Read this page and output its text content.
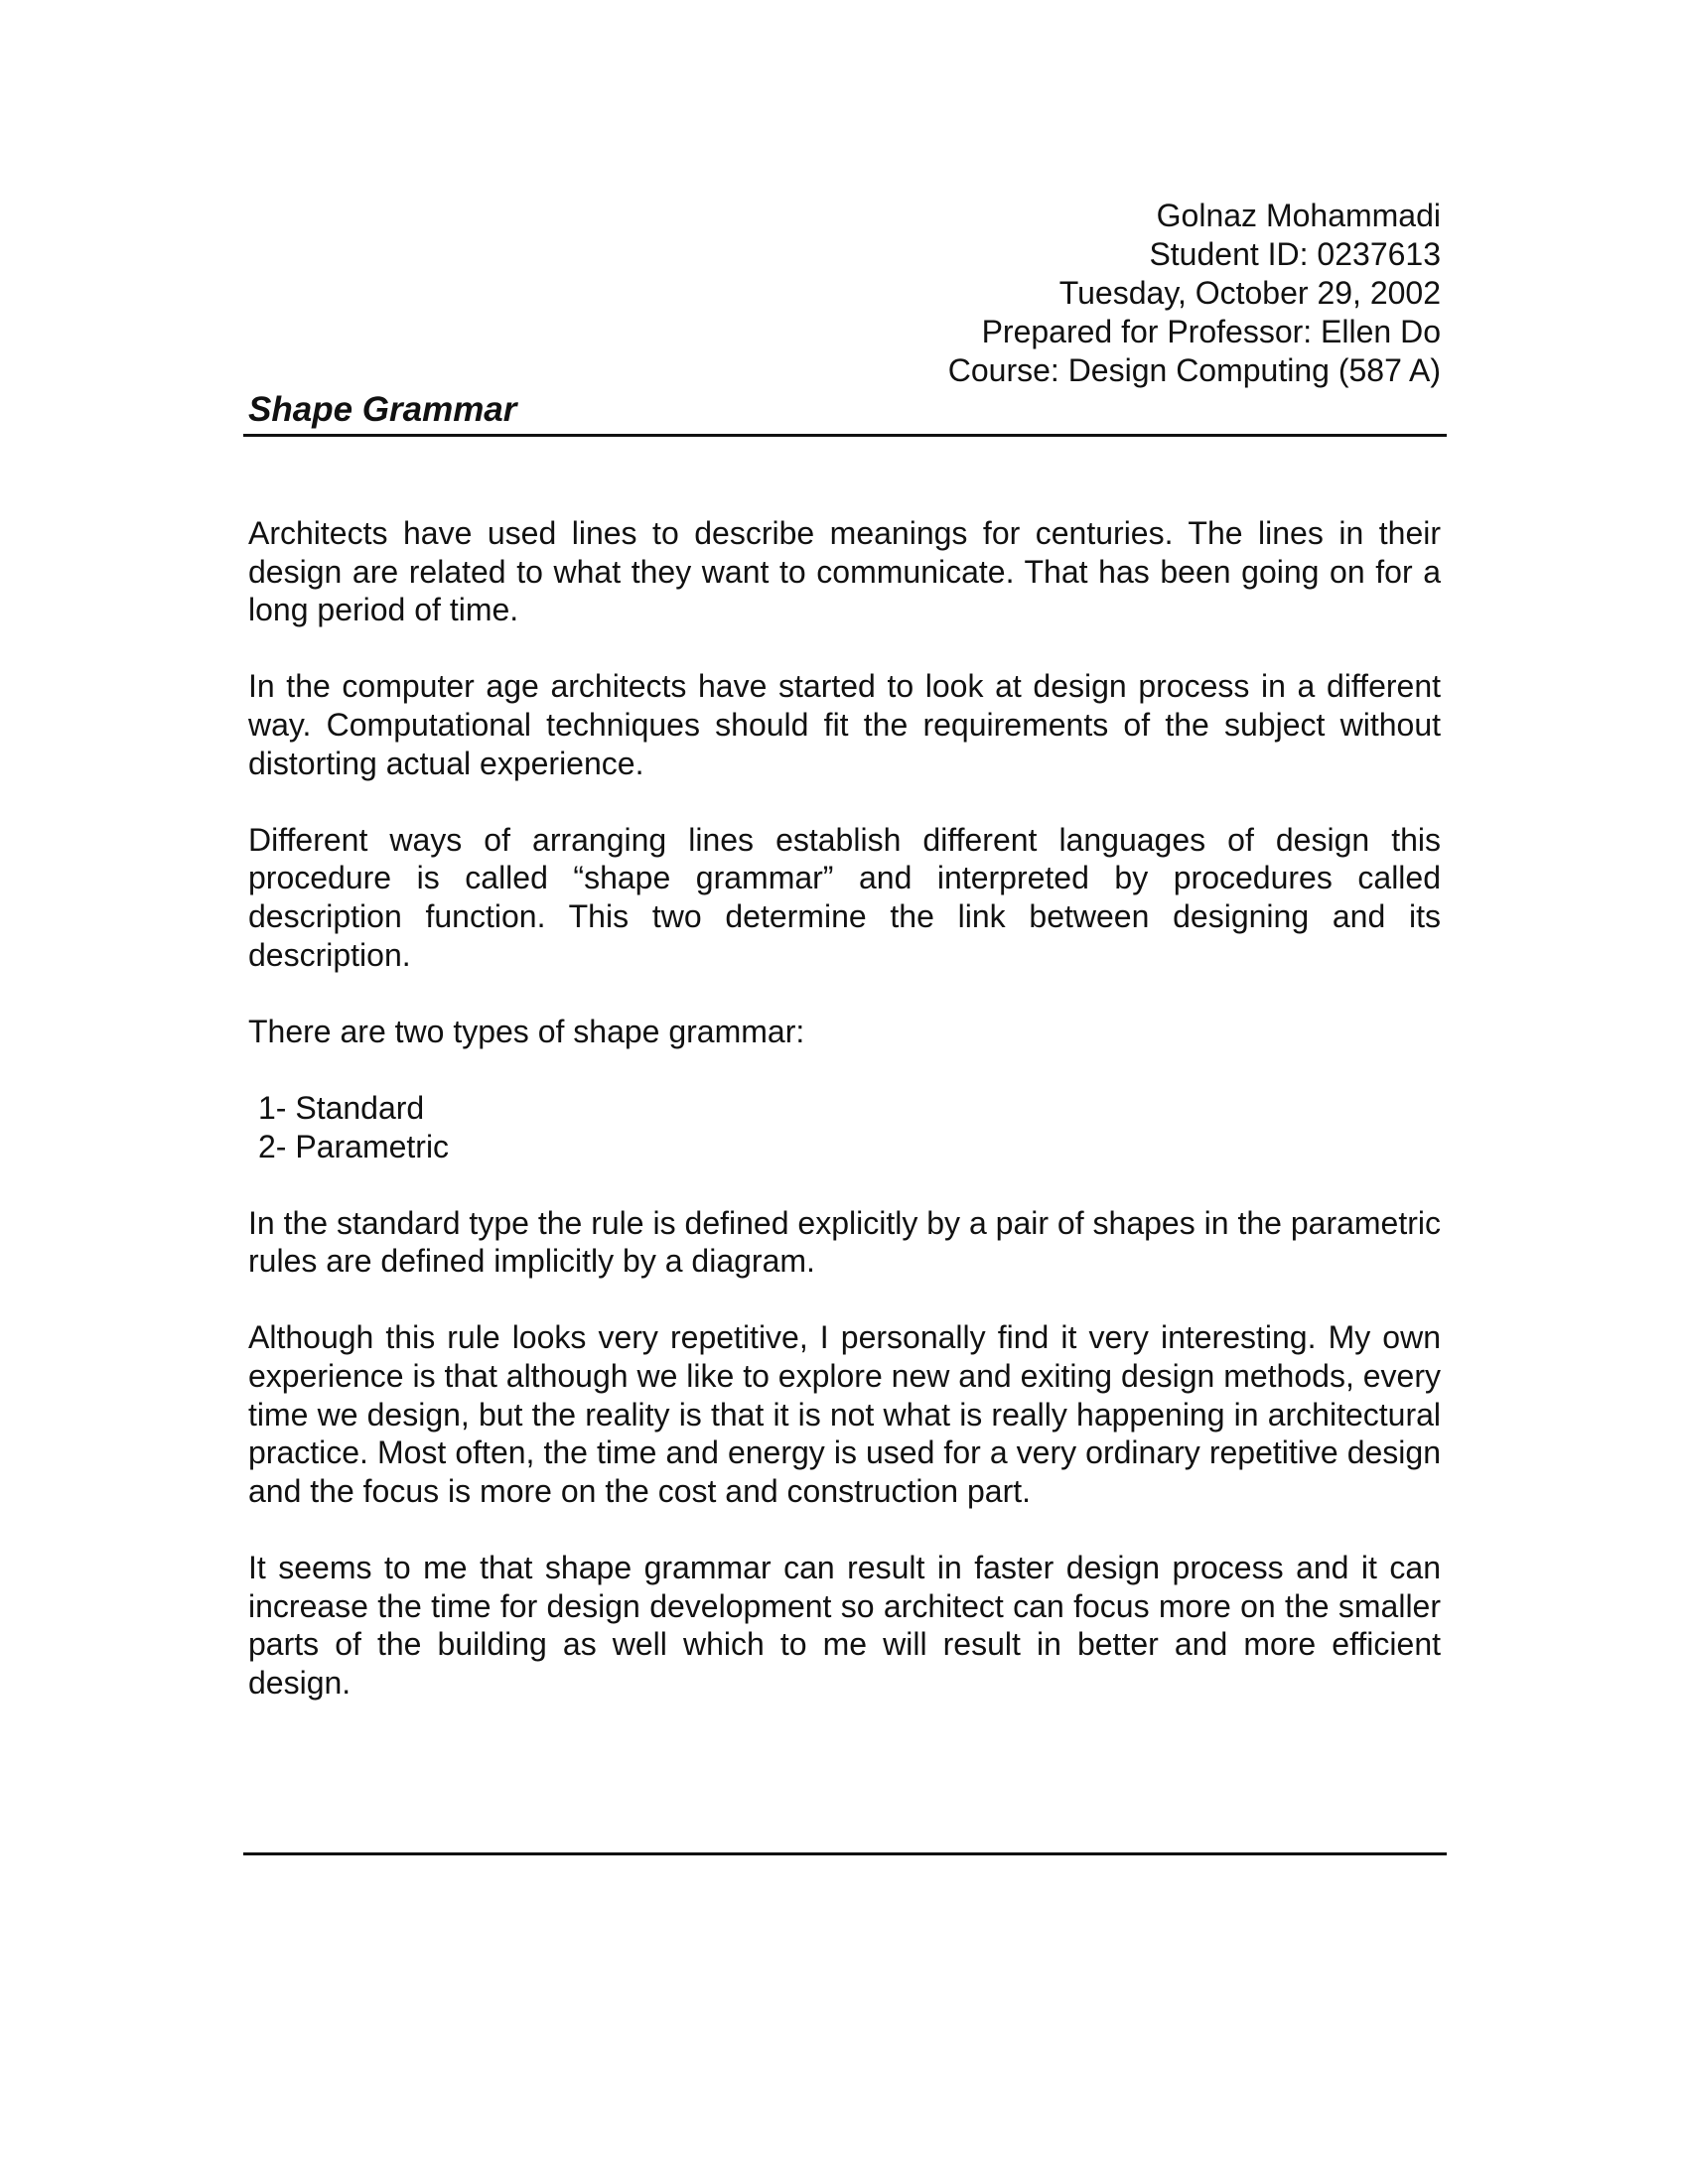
Golnaz Mohammadi
Student ID: 0237613
Tuesday, October 29, 2002
Prepared for Professor: Ellen Do
Course: Design Computing (587 A)
Shape Grammar

Architects have used lines to describe meanings for centuries. The lines in their design are related to what they want to communicate. That has been going on for a long period of time.

In the computer age architects have started to look at design process in a different way. Computational techniques should fit the requirements of the subject without distorting actual experience.

Different ways of arranging lines establish different languages of design this procedure is called “shape grammar” and interpreted by procedures called description function. This two determine the link between designing and its description.

There are two types of shape grammar:

1- Standard
2- Parametric

In the standard type the rule is defined explicitly by a pair of shapes in the parametric rules are defined implicitly by a diagram.

Although this rule looks very repetitive, I personally find it very interesting. My own experience is that although we like to explore new and exiting design methods, every time we design, but the reality is that it is not what is really happening in architectural practice. Most often, the time and energy is used for a very ordinary repetitive design and the focus is more on the cost and construction part.

It seems to me that shape grammar can result in faster design process and it can increase the time for design development so architect can focus more on the smaller parts of the building as well which to me will result in better and more efficient design.
